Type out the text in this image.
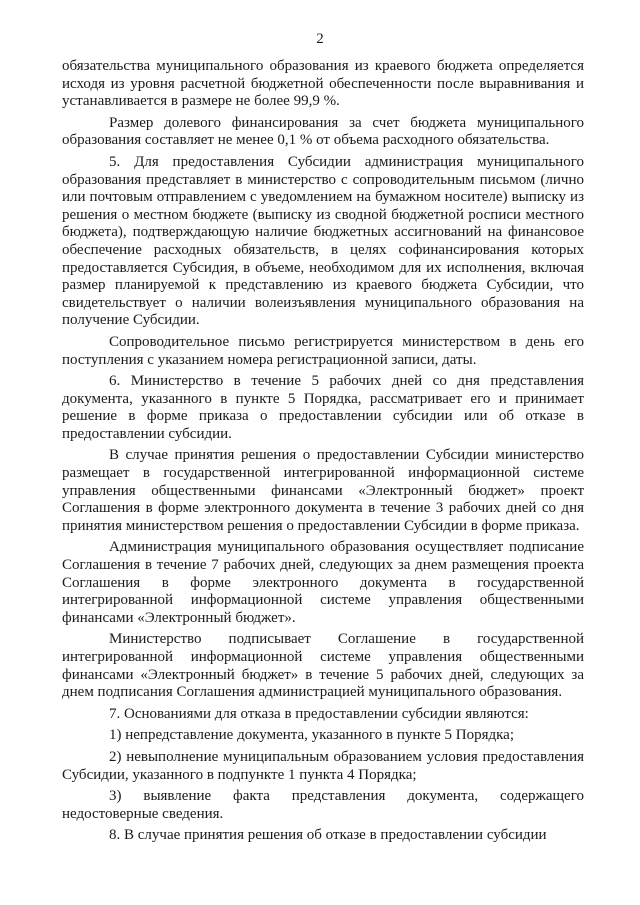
2

обязательства муниципального образования из краевого бюджета определяется исходя из уровня расчетной бюджетной обеспеченности после выравнивания и устанавливается в размере не более 99,9 %.

Размер долевого финансирования за счет бюджета муниципального образования составляет не менее 0,1 % от объема расходного обязательства.

5. Для предоставления Субсидии администрация муниципального образования представляет в министерство с сопроводительным письмом (лично или почтовым отправлением с уведомлением на бумажном носителе) выписку из решения о местном бюджете (выписку из сводной бюджетной росписи местного бюджета), подтверждающую наличие бюджетных ассигнований на финансовое обеспечение расходных обязательств, в целях софинансирования которых предоставляется Субсидия, в объеме, необходимом для их исполнения, включая размер планируемой к представлению из краевого бюджета Субсидии, что свидетельствует о наличии волеизъявления муниципального образования на получение Субсидии.

Сопроводительное письмо регистрируется министерством в день его поступления с указанием номера регистрационной записи, даты.

6. Министерство в течение 5 рабочих дней со дня представления документа, указанного в пункте 5 Порядка, рассматривает его и принимает решение в форме приказа о предоставлении субсидии или об отказе в предоставлении субсидии.

В случае принятия решения о предоставлении Субсидии министерство размещает в государственной интегрированной информационной системе управления общественными финансами «Электронный бюджет» проект Соглашения в форме электронного документа в течение 3 рабочих дней со дня принятия министерством решения о предоставлении Субсидии в форме приказа.

Администрация муниципального образования осуществляет подписание Соглашения в течение 7 рабочих дней, следующих за днем размещения проекта Соглашения в форме электронного документа в государственной интегрированной информационной системе управления общественными финансами «Электронный бюджет».

Министерство подписывает Соглашение в государственной интегрированной информационной системе управления общественными финансами «Электронный бюджет» в течение 5 рабочих дней, следующих за днем подписания Соглашения администрацией муниципального образования.

7. Основаниями для отказа в предоставлении субсидии являются:

1) непредставление документа, указанного в пункте 5 Порядка;

2) невыполнение муниципальным образованием условия предоставления Субсидии, указанного в подпункте 1 пункта 4 Порядка;

3) выявление факта представления документа, содержащего недостоверные сведения.

8. В случае принятия решения об отказе в предоставлении субсидии
